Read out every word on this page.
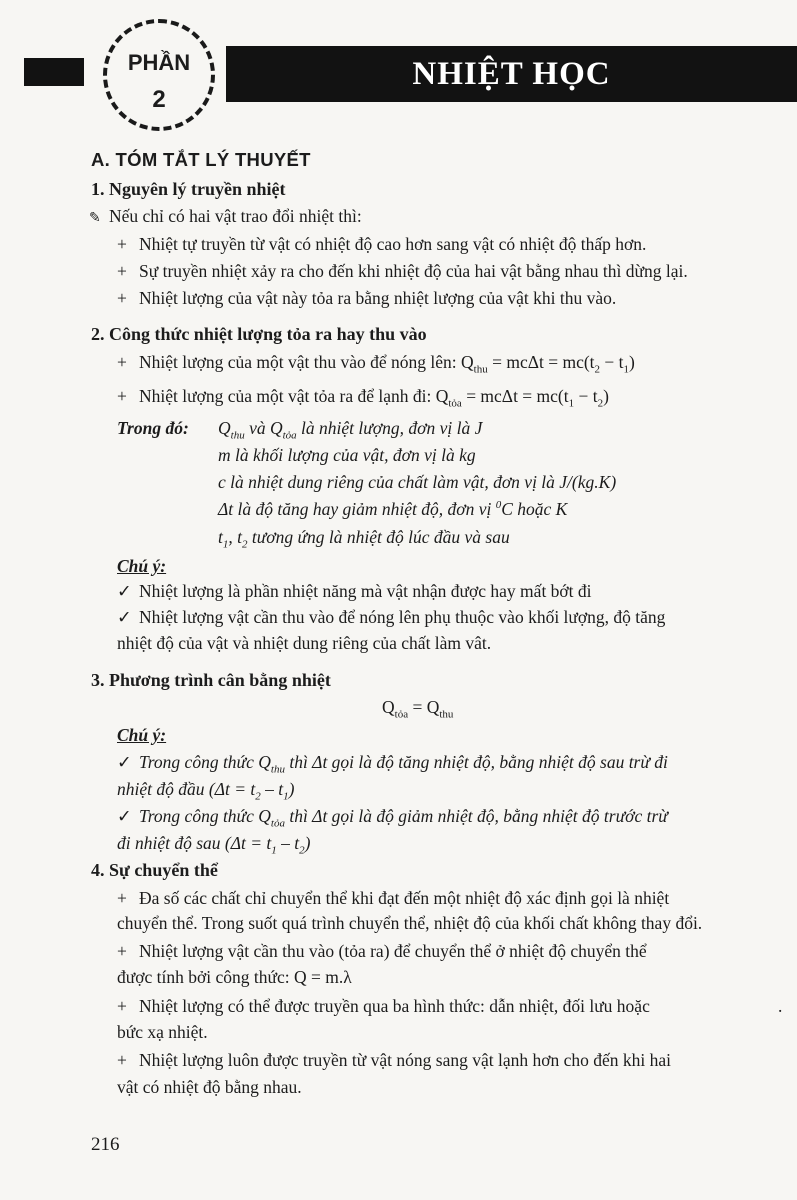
NHIỆT HỌC
PHẦN
2
A. TÓM TẮT LÝ THUYẾT
1. Nguyên lý truyền nhiệt
✎ Nếu chỉ có hai vật trao đổi nhiệt thì:
+ Nhiệt tự truyền từ vật có nhiệt độ cao hơn sang vật có nhiệt độ thấp hơn.
+ Sự truyền nhiệt xảy ra cho đến khi nhiệt độ của hai vật bằng nhau thì dừng lại.
+ Nhiệt lượng của vật này tỏa ra bằng nhiệt lượng của vật khi thu vào.
2. Công thức nhiệt lượng tỏa ra hay thu vào
+ Nhiệt lượng của một vật thu vào để nóng lên: $Q_{thu} = mc\Delta t = mc(t_2 - t_1)$
+ Nhiệt lượng của một vật tỏa ra để lạnh đi: $Q_{tỏa} = mc\Delta t = mc(t_1 - t_2)$
Trong đó: $Q_{thu}$ và $Q_{tỏa}$ là nhiệt lượng, đơn vị là J
m là khối lượng của vật, đơn vị là kg
c là nhiệt dung riêng của chất làm vật, đơn vị là J/(kg.K)
Δt là độ tăng hay giảm nhiệt độ, đơn vị $^0$C hoặc K
$t_1$, $t_2$ tương ứng là nhiệt độ lúc đầu và sau
Chú ý:
✓ Nhiệt lượng là phần nhiệt năng mà vật nhận được hay mất bớt đi
✓ Nhiệt lượng vật cần thu vào để nóng lên phụ thuộc vào khối lượng, độ tăng
nhiệt độ của vật và nhiệt dung riêng của chất làm vât.
3. Phương trình cân bằng nhiệt
$Q_{tỏa} = Q_{thu}$
Chú ý:
✓ Trong công thức $Q_{thu}$ thì Δt gọi là độ tăng nhiệt độ, bằng nhiệt độ sau trừ đi
nhiệt độ đầu $(\Delta t = t_2 - t_1)$
✓ Trong công thức $Q_{tỏa}$ thì Δt gọi là độ giảm nhiệt độ, bằng nhiệt độ trước trừ
đi nhiệt độ sau $(\Delta t = t_1 - t_2)$
4. Sự chuyển thể
+ Đa số các chất chỉ chuyển thể khi đạt đến một nhiệt độ xác định gọi là nhiệt
chuyển thể. Trong suốt quá trình chuyển thể, nhiệt độ của khối chất không thay đổi.
+ Nhiệt lượng vật cần thu vào (tỏa ra) để chuyển thể ở nhiệt độ chuyển thể
được tính bởi công thức: Q = m.λ
+ Nhiệt lượng có thể được truyền qua ba hình thức: dẫn nhiệt, đối lưu hoặc	.
bức xạ nhiệt.
+ Nhiệt lượng luôn được truyền từ vật nóng sang vật lạnh hơn cho đến khi hai
vật có nhiệt độ bằng nhau.
216
